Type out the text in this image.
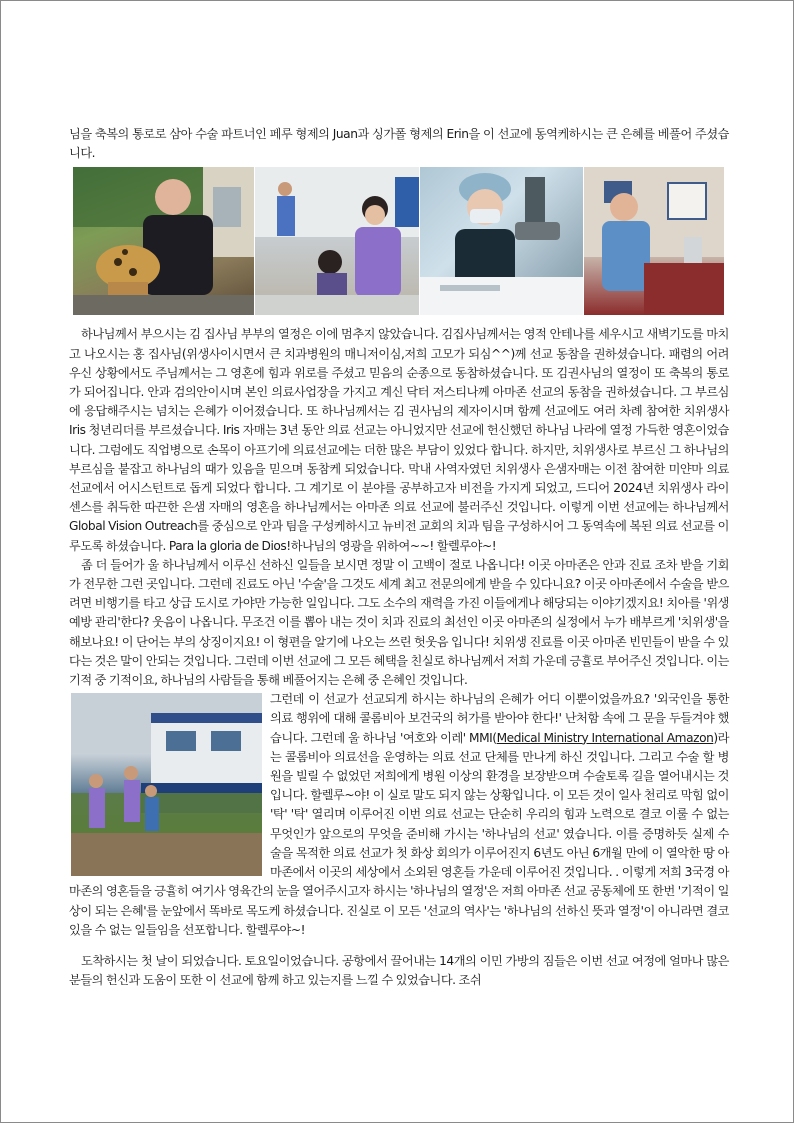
님을 축복의 통로로 삼아 수술 파트너인 페루 형제의 Juan과 싱가폴 형제의 Erin을 이 선교에 동역케하시는 큰 은혜를 베풀어 주셨습니다.

하나님께서 부으시는 김 집사님 부부의 열정은 이에 멈추지 않았습니다. 김집사님께서는 영적 안테나를 세우시고 새벽기도를 마치고 나오시는 홍 집사님(위생사이시면서 큰 치과병원의 매니저이심,저희 고모가 되심^^)께 선교 동참을 권하셨습니다. 패렴의 어려우신 상황에서도 주님께서는 그 영혼에 힘과 위로를 주셨고 믿음의 순종으로 동참하셨습니다. 또 김권사님의 열정이 또 축복의 통로가 되어집니다. 안과 검의안이시며 본인 의료사업장을 가지고 계신 닥터 저스티나께 아마존 선교의 동참을 권하셨습니다. 그 부르심에 응답해주시는 넘치는 은혜가 이어졌습니다. 또 하나님께서는 김 권사님의 제자이시며 함께 선교에도 여러 차례 참여한 치위생사 Iris 청년리더를 부르셨습니다. Iris 자매는 3년 동안 의료 선교는 아니었지만 선교에 헌신했던 하나님 나라에 열정 가득한 영혼이었습니다. 그럼에도 직업병으로 손목이 아프기에 의료선교에는 더한 많은 부담이 있었다 합니다. 하지만, 치위생사로 부르신 그 하나님의 부르심을 붙잡고 하나님의 때가 있음을 믿으며 동참케 되었습니다. 막내 사역자였던 치위생사 은샘자매는 이전 참여한 미얀마 의료 선교에서 어시스턴트로 돕게 되었다 합니다. 그 계기로 이 분야를 공부하고자 비전을 가지게 되었고, 드디어 2024년 치위생사 라이센스를 취득한 따끈한 은샘 자매의 영혼을 하나님께서는 아마존 의료 선교에 불러주신 것입니다. 이렇게 이번 선교에는 하나님께서 Global Vision Outreach를 중심으로 안과 팀을 구성케하시고 뉴비전 교회의 치과 팀을 구성하시어 그 동역속에 복된 의료 선교를 이루도록 하셨습니다. Para la gloria de Dios!하나님의 영광을 위하여~~! 할렐루야~!

좀 더 들어가 울 하나님께서 이루신 선하신 일들을 보시면 정말 이 고백이 절로 나옵니다! 이곳 아마존은 안과 진료 조차 받을 기회가 전무한 그런 곳입니다. 그런데 진료도 아닌 '수술'을 그것도 세계 최고 전문의에게 받을 수 있다니요? 이곳 아마존에서 수술을 받으려면 비행기를 타고 상급 도시로 가야만 가능한 일입니다. 그도 소수의 재력을 가진 이들에게나 해당되는 이야기겠지요! 치아를 '위생 예방 관리'한다? 웃음이 나옵니다. 무조건 이를 뽑아 내는 것이 치과 진료의 최선인 이곳 아마존의 실정에서 누가 배부르게 '치위생'을 해보나요! 이 단어는 부의 상징이지요! 이 형편을 알기에 나오는 쓰린 헛웃음 입니다! 치위생 진료를 이곳 아마존 빈민들이 받을 수 있다는 것은 말이 안되는 것입니다. 그런데 이번 선교에 그 모든 혜택을 친실로 하나님께서 저희 가운데 긍휼로 부어주신 것입니다. 이는 기적 중 기적이요, 하나님의 사람들을 통해 베풀어지는 은혜 중 은혜인 것입니다.

그런데 이 선교가 선교되게 하시는 하나님의 은혜가 어디 이뿐이었을까요? '외국인을 통한 의료 행위에 대해 콜롬비아 보건국의 허가를 받아야 한다!' 난처함 속에 그 문을 두들겨야 했습니다. 그런데 울 하나님 '여호와 이레' MMI(Medical Ministry International Amazon)라는 콜롬비아 의료선을 운영하는 의료 선교 단체를 만나게 하신 것입니다. 그리고 수술 할 병원을 빌릴 수 없었던 저희에게 병원 이상의 환경을 보장받으며 수술토록 길을 열어내시는 것입니다. 할렐루~야! 이 실로 말도 되지 않는 상황입니다. 이 모든 것이 일사 천리로 막힘 없이 '탁' '탁' 열리며 이루어진 이번 의료 선교는 단순히 우리의 힘과 노력으로 결코 이룰 수 없는 무엇인가 앞으로의 무엇을 준비해 가시는 '하나님의 선교' 였습니다. 이를 증명하듯 실제 수술을 목적한 의료 선교가 첫 화상 회의가 이루어진지 6년도 아닌 6개월 만에 이 열악한 땅 아마존에서 이곳의 세상에서 소외된 영혼들 가운데 이루어진 것입니다. . 이렇게 저희 3국경 아마존의 영혼들을 긍휼히 여기사 영육간의 눈을 열어주시고자 하시는 '하나님의 열정'은 저희 아마존 선교 공동체에 또 한번 '기적이 일상이 되는 은혜'를 눈앞에서 똑바로 목도케 하셨습니다. 진실로 이 모든 '선교의 역사'는 '하나님의 선하신 뜻과 열정'이 아니라면 결코 있을 수 없는 일들임을 선포합니다. 할렐루야~!

도착하시는 첫 날이 되었습니다. 토요일이었습니다. 공항에서 끌어내는 14개의 이민 가방의 짐들은 이번 선교 여정에 얼마나 많은 분들의 헌신과 도움이 또한 이 선교에 함께 하고 있는지를 느낄 수 있었습니다. 조쉬
